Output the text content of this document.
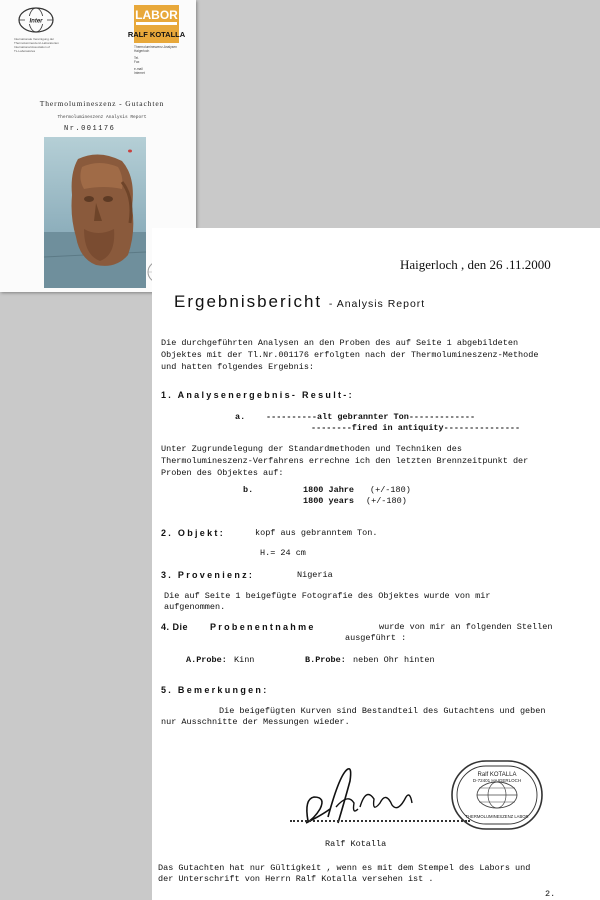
Inter
Internationale Vereinigung der
Thermolumineszenz-Laboratorien
International Association of
TL-Laboratories
LABOR
RALF KOTALLA
Thermolumineszenz-Analysen
Haigerloch
Tel.
Fax
e-mail
Internet
Thermolumineszenz - Gutachten
Thermolumineszenz Analysis Report
Nr.001176
Haigerloch , den 26 .11.2000
Ergebnisbericht - Analysis Report
Die durchgeführten Analysen an den Proben des auf Seite 1 abgebildeten
Objektes mit der Tl.Nr.001176 erfolgten nach der Thermolumineszenz-Methode
und hatten folgendes Ergebnis:
1. Analysenergebnis- Result-:
a. ----------alt gebrannter Ton-------------
--------fired in antiquity---------------
Unter Zugrundelegung der Standardmethoden und Techniken des
Thermolumineszenz-Verfahrens errechne ich den letzten Brennzeitpunkt der
Proben des Objektes auf:
b.	1800 Jahre (+/-180)
1800 years (+/-180)
2. Objekt:	kopf aus gebranntem Ton.
H.= 24 cm
3. Provenienz:	Nigeria
Die auf Seite 1 beigefügte Fotografie des Objektes wurde von mir
aufgenommen.
4. Die Probenentnahme	wurde von mir an folgenden Stellen
ausgeführt :
A.Probe: Kinn	B.Probe: neben Ohr hinten
5. Bemerkungen:
Die beigefügten Kurven sind Bestandteil des Gutachtens und geben
nur Ausschnitte der Messungen wieder.
Ralf KOTALLA
D-72401 HAIGERLOCH
THERMOLUMINESZENZ LABOR
Ralf Kotalla
Das Gutachten hat nur Gültigkeit , wenn es mit dem Stempel des Labors und
der Unterschrift von Herrn Ralf Kotalla versehen ist .
2.
